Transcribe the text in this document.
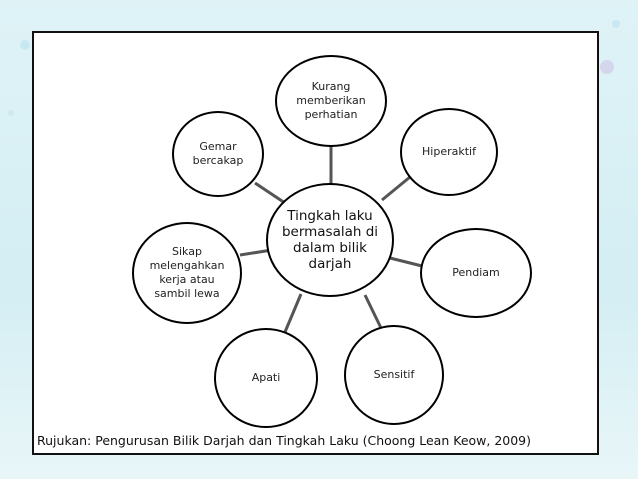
Kurang memberikan perhatian
Hiperaktif
Pendiam
Sensitif
Apati
Sikap melengahkan kerja atau sambil lewa
Gemar bercakap
Tingkah laku bermasalah di dalam bilik darjah
Rujukan: Pengurusan Bilik Darjah dan Tingkah Laku (Choong Lean Keow, 2009)
